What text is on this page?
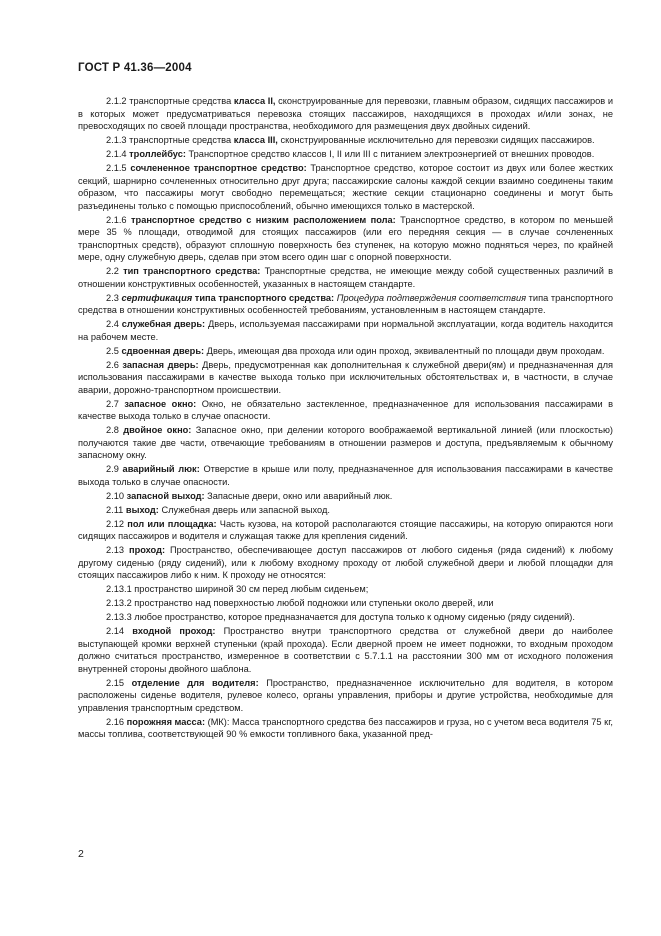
ГОСТ Р 41.36—2004

2.1.2 транспортные средства класса II, сконструированные для перевозки, главным образом, сидящих пассажиров и в которых может предусматриваться перевозка стоящих пассажиров, находящихся в проходах и/или зонах, не превосходящих по своей площади пространства, необходимого для размещения двух двойных сидений.

2.1.3 транспортные средства класса III, сконструированные исключительно для перевозки сидящих пассажиров.

2.1.4 троллейбус: Транспортное средство классов I, II или III с питанием электроэнергией от внешних проводов.

2.1.5 сочлененное транспортное средство: Транспортное средство, которое состоит из двух или более жестких секций, шарнирно сочлененных относительно друг друга; пассажирские салоны каждой секции взаимно соединены таким образом, что пассажиры могут свободно перемещаться; жесткие секции стационарно соединены и могут быть разъединены только с помощью приспособлений, обычно имеющихся только в мастерской.

2.1.6 транспортное средство с низким расположением пола: Транспортное средство, в котором по меньшей мере 35 % площади, отводимой для стоящих пассажиров (или его передняя секция — в случае сочлененных транспортных средств), образуют сплошную поверхность без ступенек, на которую можно подняться через, по крайней мере, одну служебную дверь, сделав при этом всего один шаг с опорной поверхности.

2.2 тип транспортного средства: Транспортные средства, не имеющие между собой существенных различий в отношении конструктивных особенностей, указанных в настоящем стандарте.

2.3 сертификация типа транспортного средства: Процедура подтверждения соответствия типа транспортного средства в отношении конструктивных особенностей требованиям, установленным в настоящем стандарте.

2.4 служебная дверь: Дверь, используемая пассажирами при нормальной эксплуатации, когда водитель находится на рабочем месте.

2.5 сдвоенная дверь: Дверь, имеющая два прохода или один проход, эквивалентный по площади двум проходам.

2.6 запасная дверь: Дверь, предусмотренная как дополнительная к служебной двери(ям) и предназначенная для использования пассажирами в качестве выхода только при исключительных обстоятельствах и, в частности, в случае аварии, дорожно-транспортном происшествии.

2.7 запасное окно: Окно, не обязательно застекленное, предназначенное для использования пассажирами в качестве выхода только в случае опасности.

2.8 двойное окно: Запасное окно, при делении которого воображаемой вертикальной линией (или плоскостью) получаются такие две части, отвечающие требованиям в отношении размеров и доступа, предъявляемым к обычному запасному окну.

2.9 аварийный люк: Отверстие в крыше или полу, предназначенное для использования пассажирами в качестве выхода только в случае опасности.

2.10 запасной выход: Запасные двери, окно или аварийный люк.

2.11 выход: Служебная дверь или запасной выход.

2.12 пол или площадка: Часть кузова, на которой располагаются стоящие пассажиры, на которую опираются ноги сидящих пассажиров и водителя и служащая также для крепления сидений.

2.13 проход: Пространство, обеспечивающее доступ пассажиров от любого сиденья (ряда сидений) к любому другому сиденью (ряду сидений), или к любому входному проходу от любой служебной двери и любой площадки для стоящих пассажиров либо к ним. К проходу не относятся:

2.13.1 пространство шириной 30 см перед любым сиденьем;

2.13.2 пространство над поверхностью любой подножки или ступеньки около дверей, или

2.13.3 любое пространство, которое предназначается для доступа только к одному сиденью (ряду сидений).

2.14 входной проход: Пространство внутри транспортного средства от служебной двери до наиболее выступающей кромки верхней ступеньки (край прохода). Если дверной проем не имеет подножки, то входным проходом должно считаться пространство, измеренное в соответствии с 5.7.1.1 на расстоянии 300 мм от исходного положения внутренней стороны двойного шаблона.

2.15 отделение для водителя: Пространство, предназначенное исключительно для водителя, в котором расположены сиденье водителя, рулевое колесо, органы управления, приборы и другие устройства, необходимые для управления транспортным средством.

2.16 порожняя масса: (МК): Масса транспортного средства без пассажиров и груза, но с учетом веса водителя 75 кг, массы топлива, соответствующей 90 % емкости топливного бака, указанной пред-

2
